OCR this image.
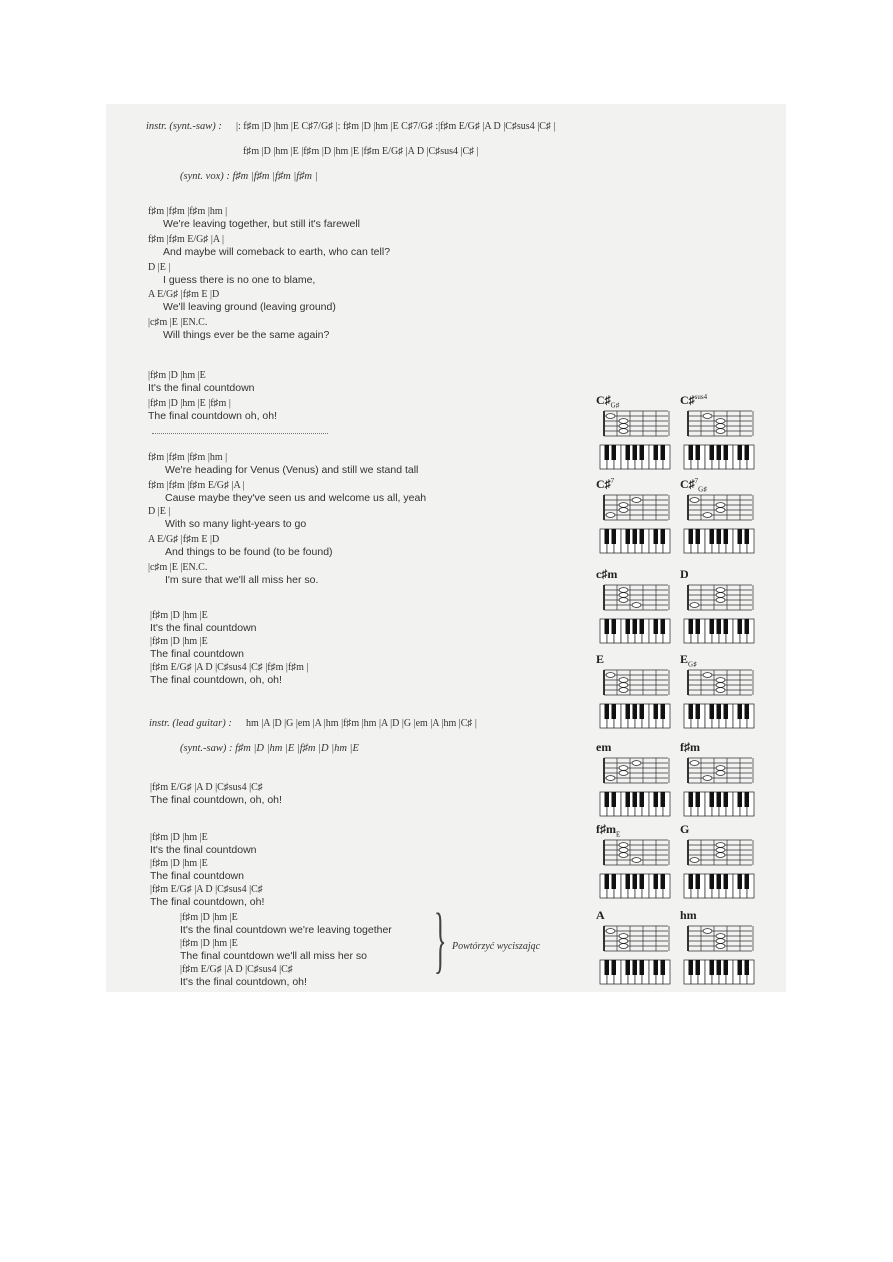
instr. (synt.-saw) : |: f♯m |D |hm |E C♯7/G♯ |: f♯m |D |hm |E C♯7/G♯ :|f♯m E/G♯ |A D |C♯sus4 |C♯ |
f♯m |D |hm |E |f♯m |D |hm |E |f♯m E/G♯ |A D |C♯sus4 |C♯ |
(synt. vox) : f♯m |f♯m |f♯m |f♯m |
f♯m |f♯m |f♯m |hm |
We're leaving together, but still it's farewell
f♯m |f♯m E/G♯ |A |
And maybe will comeback to earth, who can tell?
D |E |
I guess there is no one to blame,
A E/G♯ |f♯m E |D
We'll leaving ground (leaving ground)
|c♯m |E |EN.C.
Will things ever be the same again?
|f♯m |D |hm |E
It's the final countdown
|f♯m |D |hm |E |f♯m |
The final countdown oh, oh!
f♯m |f♯m |f♯m |hm |
We're heading for Venus (Venus) and still we stand tall
f♯m |f♯m |f♯m E/G♯ |A |
Cause maybe they've seen us and welcome us all, yeah
D |E |
With so many light-years to go
A E/G♯ |f♯m E |D
And things to be found (to be found)
|c♯m |E |EN.C.
I'm sure that we'll all miss her so.
|f♯m |D |hm |E
It's the final countdown
|f♯m |D |hm |E
The final countdown
|f♯m E/G♯ |A D |C♯sus4 |C♯ |f♯m |f♯m |
The final countdown, oh, oh!
instr. (lead guitar) : hm |A |D |G |em |A |hm |f♯m |hm |A |D |G |em |A |hm |C♯ |
(synt.-saw) : f♯m |D |hm |E |f♯m |D |hm |E
|f♯m E/G♯ |A D |C♯sus4 |C♯
The final countdown, oh, oh!
|f♯m |D |hm |E
It's the final countdown
|f♯m |D |hm |E
The final countdown
|f♯m E/G♯ |A D |C♯sus4 |C♯
The final countdown, oh!
|f♯m |D |hm |E
It's the final countdown we're leaving together
|f♯m |D |hm |E
The final countdown we'll all miss her so
|f♯m E/G♯ |A D |C♯sus4 |C♯
It's the final countdown, oh!
} Powtórzyć wyciszając
$C♯_{G♯}$	C♯$^{sus4}$
C♯$^7$	C♯$^7_{G♯}$
c♯m	D
E	$E_{G♯}$
em	f♯m
$f♯m_E$	G
A	hm
